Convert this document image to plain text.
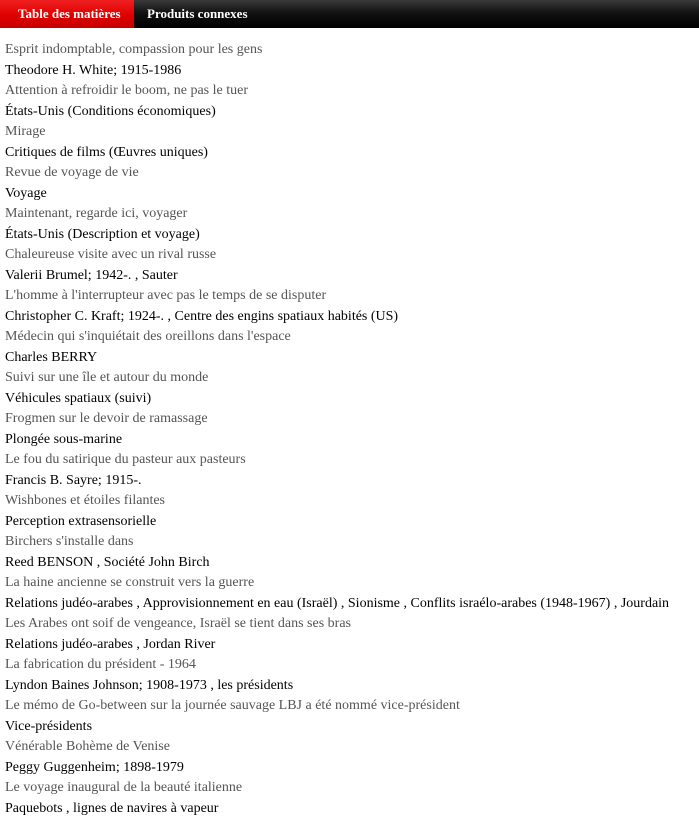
Table des matières	Produits connexes
Esprit indomptable, compassion pour les gens
Theodore H. White; 1915-1986
Attention à refroidir le boom, ne pas le tuer
États-Unis (Conditions économiques)
Mirage
Critiques de films (Œuvres uniques)
Revue de voyage de vie
Voyage
Maintenant, regarde ici, voyager
États-Unis (Description et voyage)
Chaleureuse visite avec un rival russe
Valerii Brumel; 1942-. , Sauter
L'homme à l'interrupteur avec pas le temps de se disputer
Christopher C. Kraft; 1924-. , Centre des engins spatiaux habités (US)
Médecin qui s'inquiétait des oreillons dans l'espace
Charles BERRY
Suivi sur une île et autour du monde
Véhicules spatiaux (suivi)
Frogmen sur le devoir de ramassage
Plongée sous-marine
Le fou du satirique du pasteur aux pasteurs
Francis B. Sayre; 1915-.
Wishbones et étoiles filantes
Perception extrasensorielle
Birchers s'installe dans
Reed BENSON , Société John Birch
La haine ancienne se construit vers la guerre
Relations judéo-arabes , Approvisionnement en eau (Israël) , Sionisme , Conflits israélo-arabes (1948-1967) , Jourdain
Les Arabes ont soif de vengeance, Israël se tient dans ses bras
Relations judéo-arabes , Jordan River
La fabrication du président - 1964
Lyndon Baines Johnson; 1908-1973 , les présidents
Le mémo de Go-between sur la journée sauvage LBJ a été nommé vice-président
Vice-présidents
Vénérable Bohème de Venise
Peggy Guggenheim; 1898-1979
Le voyage inaugural de la beauté italienne
Paquebots , lignes de navires à vapeur
